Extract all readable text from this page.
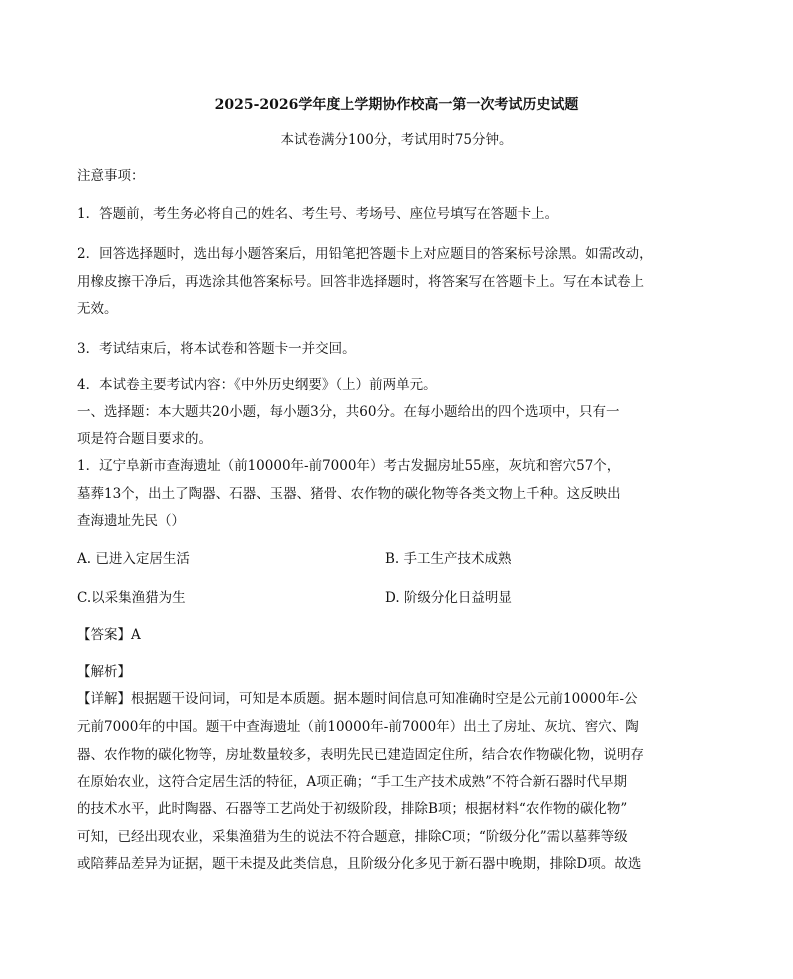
2025-2026学年度上学期协作校高一第一次考试历史试题
本试卷满分100分，考试用时75分钟。
注意事项：
1．答题前，考生务必将自己的姓名、考生号、考场号、座位号填写在答题卡上。
2．回答选择题时，选出每小题答案后，用铅笔把答题卡上对应题目的答案标号涂黑。如需改动，
用橡皮擦干净后，再选涂其他答案标号。回答非选择题时，将答案写在答题卡上。写在本试卷上
无效。
3．考试结束后，将本试卷和答题卡一并交回。
4．本试卷主要考试内容：《中外历史纲要》（上）前两单元。
一、选择题：本大题共20小题，每小题3分，共60分。在每小题给出的四个选项中，只有一
项是符合题目要求的。
1．辽宁阜新市查海遗址（前10000年-前7000年）考古发掘房址55座，灰坑和窖穴57个，
墓葬13个，出土了陶器、石器、玉器、猪骨、农作物的碳化物等各类文物上千种。这反映出
查海遗址先民（）
A. 已进入定居生活	B. 手工生产技术成熟
C.以采集渔猎为生	D. 阶级分化日益明显
【答案】A
【解析】
【详解】根据题干设问词，可知是本质题。据本题时间信息可知准确时空是公元前10000年-公
元前7000年的中国。题干中查海遗址（前10000年-前7000年）出土了房址、灰坑、窖穴、陶
器、农作物的碳化物等，房址数量较多，表明先民已建造固定住所，结合农作物碳化物，说明存
在原始农业，这符合定居生活的特征，A项正确；“手工生产技术成熟”不符合新石器时代早期
的技术水平，此时陶器、石器等工艺尚处于初级阶段，排除B项；根据材料“农作物的碳化物”
可知，已经出现农业，采集渔猎为生的说法不符合题意，排除C项；“阶级分化”需以墓葬等级
或陪葬品差异为证据，题干未提及此类信息，且阶级分化多见于新石器中晚期，排除D项。故选
